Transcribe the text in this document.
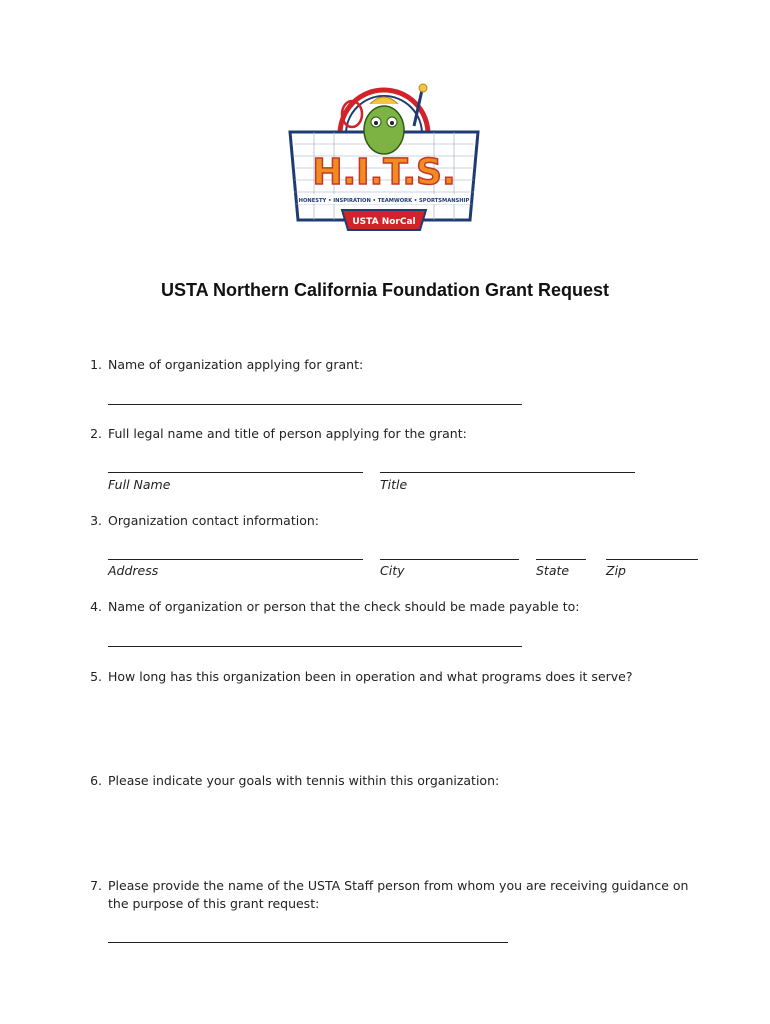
H.I.T.S.
HONESTY • INSPIRATION • TEAMWORK • SPORTSMANSHIP
USTA NorCal
USTA Northern California Foundation Grant Request
1. Name of organization applying for grant:
2. Full legal name and title of person applying for the grant:
Full Name	Title
3. Organization contact information:
Address	City	State	Zip
4. Name of organization or person that the check should be made payable to:
5. How long has this organization been in operation and what programs does it serve?
6. Please indicate your goals with tennis within this organization:
7. Please provide the name of the USTA Staff person from whom you are receiving guidance on the purpose of this grant request:
